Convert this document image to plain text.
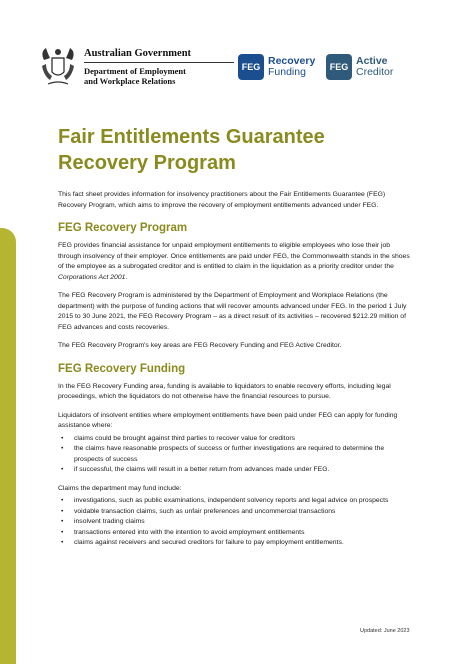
Australian Government
Department of Employment
and Workplace Relations
FEG Recovery
Funding	FEG Active
Creditor
Fair Entitlements Guarantee
Recovery Program

This fact sheet provides information for insolvency practitioners about the Fair Entitlements Guarantee (FEG) Recovery Program, which aims to improve the recovery of employment entitlements advanced under FEG.

FEG Recovery Program

FEG provides financial assistance for unpaid employment entitlements to eligible employees who lose their job through insolvency of their employer. Once entitlements are paid under FEG, the Commonwealth stands in the shoes of the employee as a subrogated creditor and is entitled to claim in the liquidation as a priority creditor under the Corporations Act 2001.

The FEG Recovery Program is administered by the Department of Employment and Workplace Relations (the department) with the purpose of funding actions that will recover amounts advanced under FEG. In the period 1 July 2015 to 30 June 2021, the FEG Recovery Program – as a direct result of its activities – recovered $212.29 million of FEG advances and costs recoveries.

The FEG Recovery Program's key areas are FEG Recovery Funding and FEG Active Creditor.

FEG Recovery Funding

In the FEG Recovery Funding area, funding is available to liquidators to enable recovery efforts, including legal proceedings, which the liquidators do not otherwise have the financial resources to pursue.

Liquidators of insolvent entities where employment entitlements have been paid under FEG can apply for funding assistance where:

• claims could be brought against third parties to recover value for creditors
• the claims have reasonable prospects of success or further investigations are required to determine the prospects of success
• if successful, the claims will result in a better return from advances made under FEG.

Claims the department may fund include:

• investigations, such as public examinations, independent solvency reports and legal advice on prospects
• voidable transaction claims, such as unfair preferences and uncommercial transactions
• insolvent trading claims
• transactions entered into with the intention to avoid employment entitlements
• claims against receivers and secured creditors for failure to pay employment entitlements.
Updated: June 2023
